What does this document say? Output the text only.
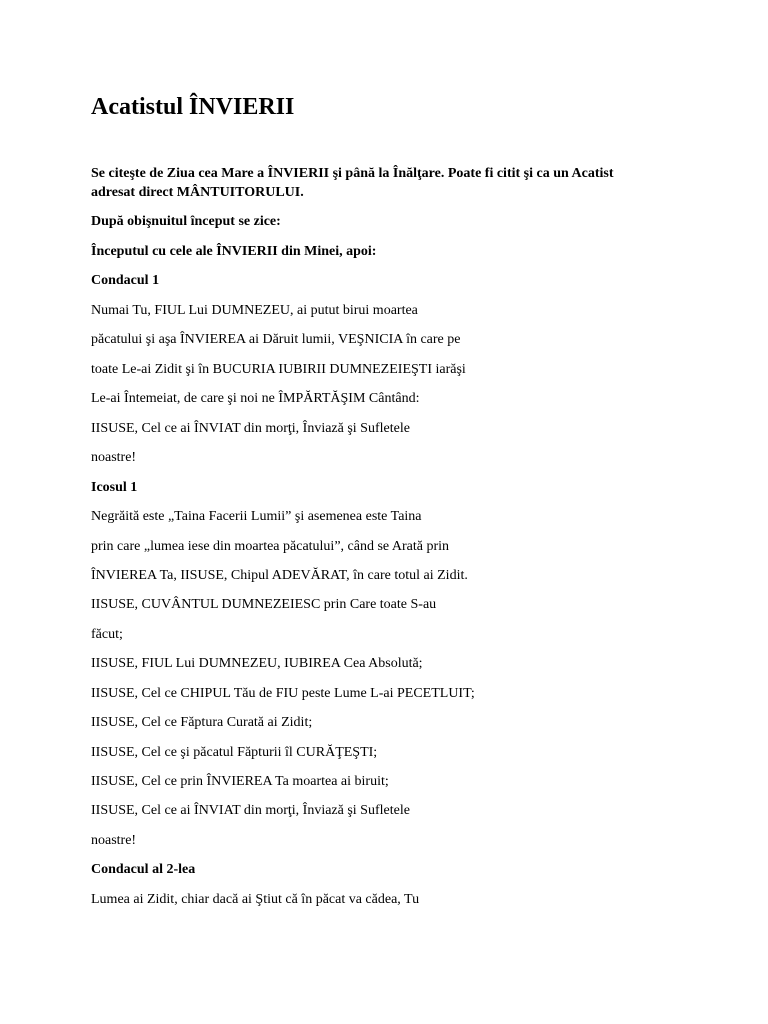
Acatistul ÎNVIERII

Se citeşte de Ziua cea Mare a ÎNVIERII şi până la Înălţare. Poate fi citit şi ca un Acatist

adresat direct MÂNTUITORULUI.

După obişnuitul început se zice:

Începutul cu cele ale ÎNVIERII din Minei, apoi:

Condacul 1

Numai Tu, FIUL Lui DUMNEZEU, ai putut birui moartea

păcatului şi aşa ÎNVIEREA ai Dăruit lumii, VEŞNICIA în care pe

toate Le-ai Zidit şi în BUCURIA IUBIRII DUMNEZEIEŞTI iarăşi

Le-ai Întemeiat, de care şi noi ne ÎMPĂRTĂŞIM Cântând:

IISUSE, Cel ce ai ÎNVIAT din morţi, Înviază şi Sufletele

noastre!

Icosul 1

Negrăită este „Taina Facerii Lumii” şi asemenea este Taina

prin care „lumea iese din moartea păcatului”, când se Arată prin

ÎNVIEREA Ta, IISUSE, Chipul ADEVĂRAT, în care totul ai Zidit.

IISUSE, CUVÂNTUL DUMNEZEIESC prin Care toate S-au

făcut;

IISUSE, FIUL Lui DUMNEZEU, IUBIREA Cea Absolută;

IISUSE, Cel ce CHIPUL Tău de FIU peste Lume L-ai PECETLUIT;

IISUSE, Cel ce Făptura Curată ai Zidit;

IISUSE, Cel ce şi păcatul Făpturii îl CURĂŢEŞTI;

IISUSE, Cel ce prin ÎNVIEREA Ta moartea ai biruit;

IISUSE, Cel ce ai ÎNVIAT din morţi, Înviază şi Sufletele

noastre!

Condacul al 2-lea

Lumea ai Zidit, chiar dacă ai Ştiut că în păcat va cădea, Tu
